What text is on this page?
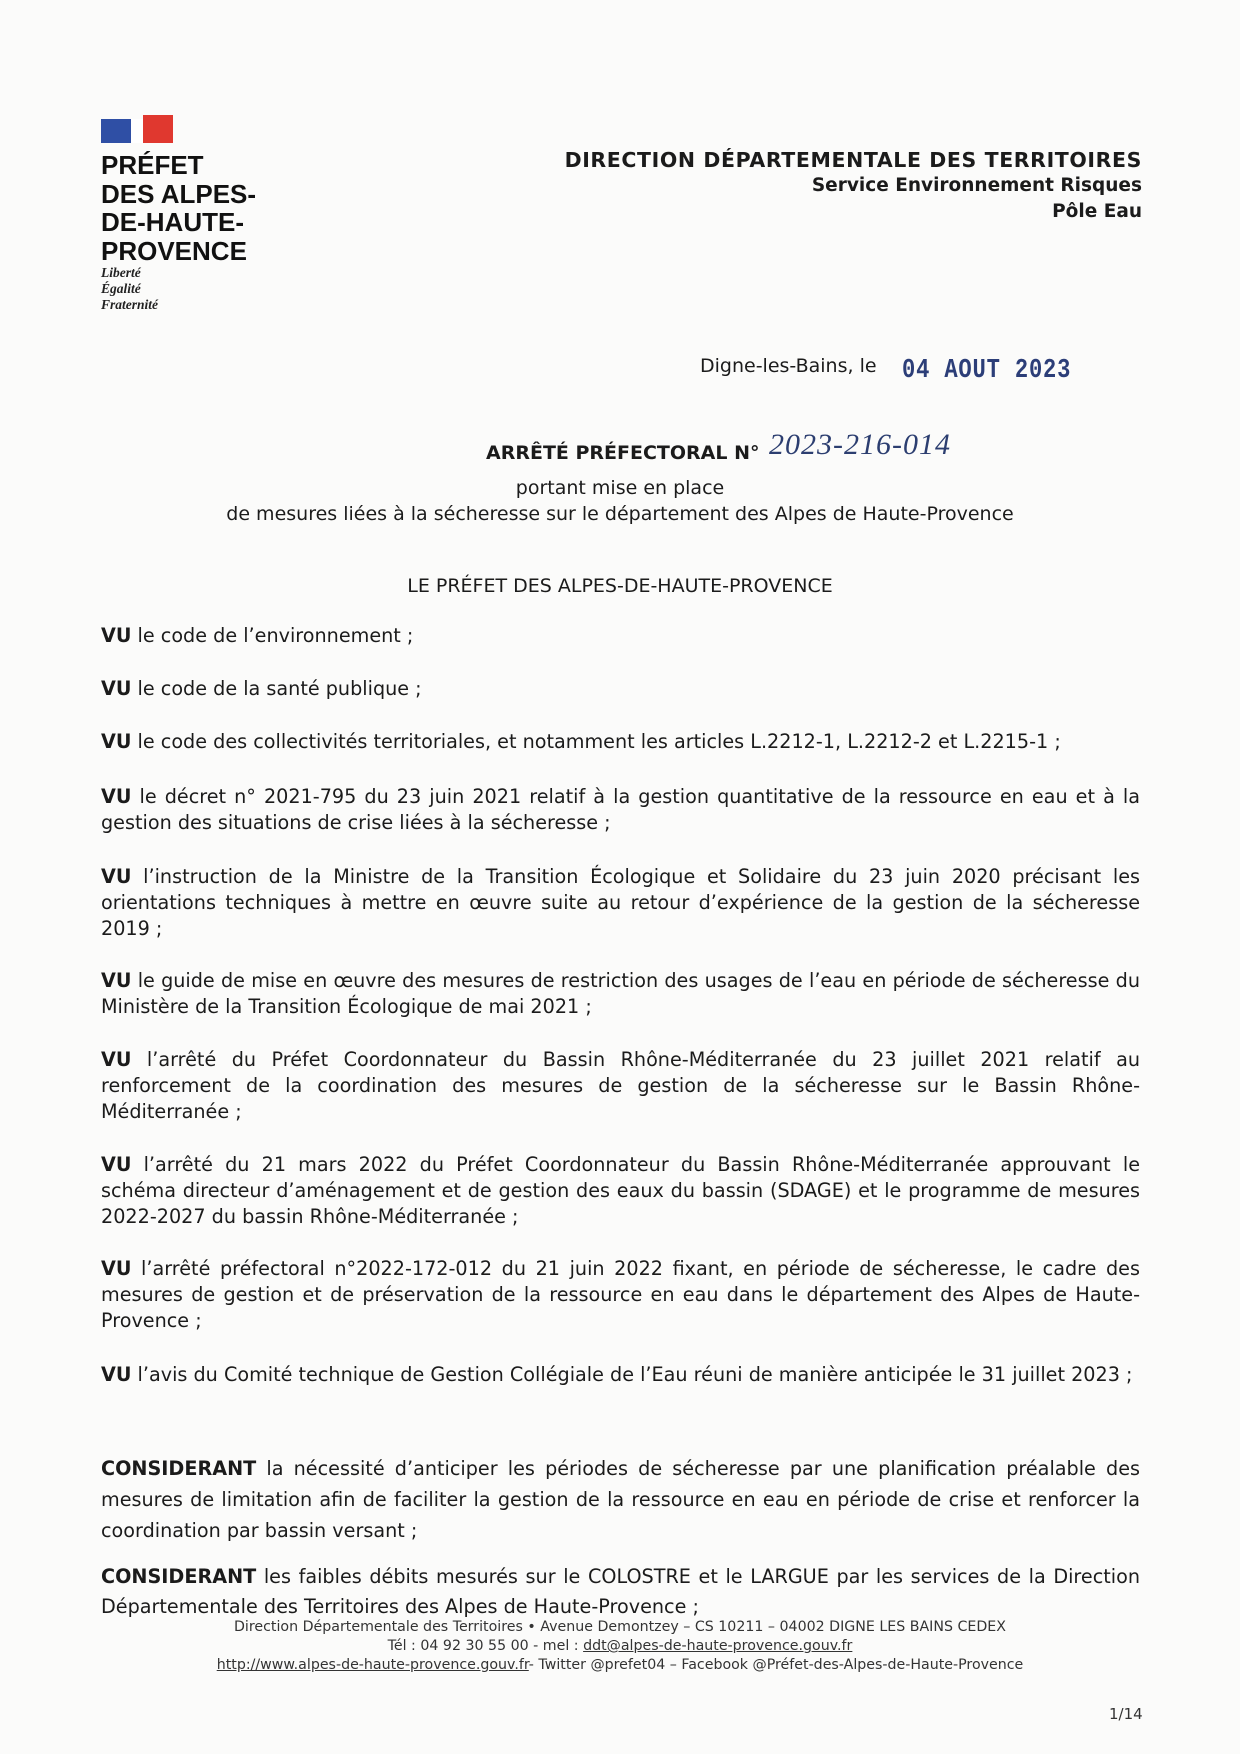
PRÉFET
DES ALPES-
DE-HAUTE-
PROVENCE
Liberté
Égalité
Fraternité
DIRECTION DÉPARTEMENTALE DES TERRITOIRES
Service Environnement Risques
Pôle Eau
Digne-les-Bains, le 04 AOUT 2023
ARRÊTÉ PRÉFECTORAL N° 2023-216-014
portant mise en place
de mesures liées à la sécheresse sur le département des Alpes de Haute-Provence
LE PRÉFET DES ALPES-DE-HAUTE-PROVENCE

VU le code de l’environnement ;

VU le code de la santé publique ;

VU le code des collectivités territoriales, et notamment les articles L.2212-1, L.2212-2 et L.2215-1 ;

VU le décret n° 2021-795 du 23 juin 2021 relatif à la gestion quantitative de la ressource en eau et à la gestion des situations de crise liées à la sécheresse ;

VU l’instruction de la Ministre de la Transition Écologique et Solidaire du 23 juin 2020 précisant les orientations techniques à mettre en œuvre suite au retour d’expérience de la gestion de la sécheresse 2019 ;

VU le guide de mise en œuvre des mesures de restriction des usages de l’eau en période de sécheresse du Ministère de la Transition Écologique de mai 2021 ;

VU l’arrêté du Préfet Coordonnateur du Bassin Rhône-Méditerranée du 23 juillet 2021 relatif au renforcement de la coordination des mesures de gestion de la sécheresse sur le Bassin Rhône-Méditerranée ;

VU l’arrêté du 21 mars 2022 du Préfet Coordonnateur du Bassin Rhône-Méditerranée approuvant le schéma directeur d’aménagement et de gestion des eaux du bassin (SDAGE) et le programme de mesures 2022-2027 du bassin Rhône-Méditerranée ;

VU l’arrêté préfectoral n°2022-172-012 du 21 juin 2022 fixant, en période de sécheresse, le cadre des mesures de gestion et de préservation de la ressource en eau dans le département des Alpes de Haute-Provence ;

VU l’avis du Comité technique de Gestion Collégiale de l’Eau réuni de manière anticipée le 31 juillet 2023 ;

CONSIDERANT la nécessité d’anticiper les périodes de sécheresse par une planification préalable des mesures de limitation afin de faciliter la gestion de la ressource en eau en période de crise et renforcer la coordination par bassin versant ;

CONSIDERANT les faibles débits mesurés sur le COLOSTRE et le LARGUE par les services de la Direction Départementale des Territoires des Alpes de Haute-Provence ;

Direction Départementale des Territoires • Avenue Demontzey – CS 10211 – 04002 DIGNE LES BAINS CEDEX
Tél : 04 92 30 55 00 - mel : ddt@alpes-de-haute-provence.gouv.fr
http://www.alpes-de-haute-provence.gouv.fr- Twitter @prefet04 – Facebook @Préfet-des-Alpes-de-Haute-Provence
1/14
